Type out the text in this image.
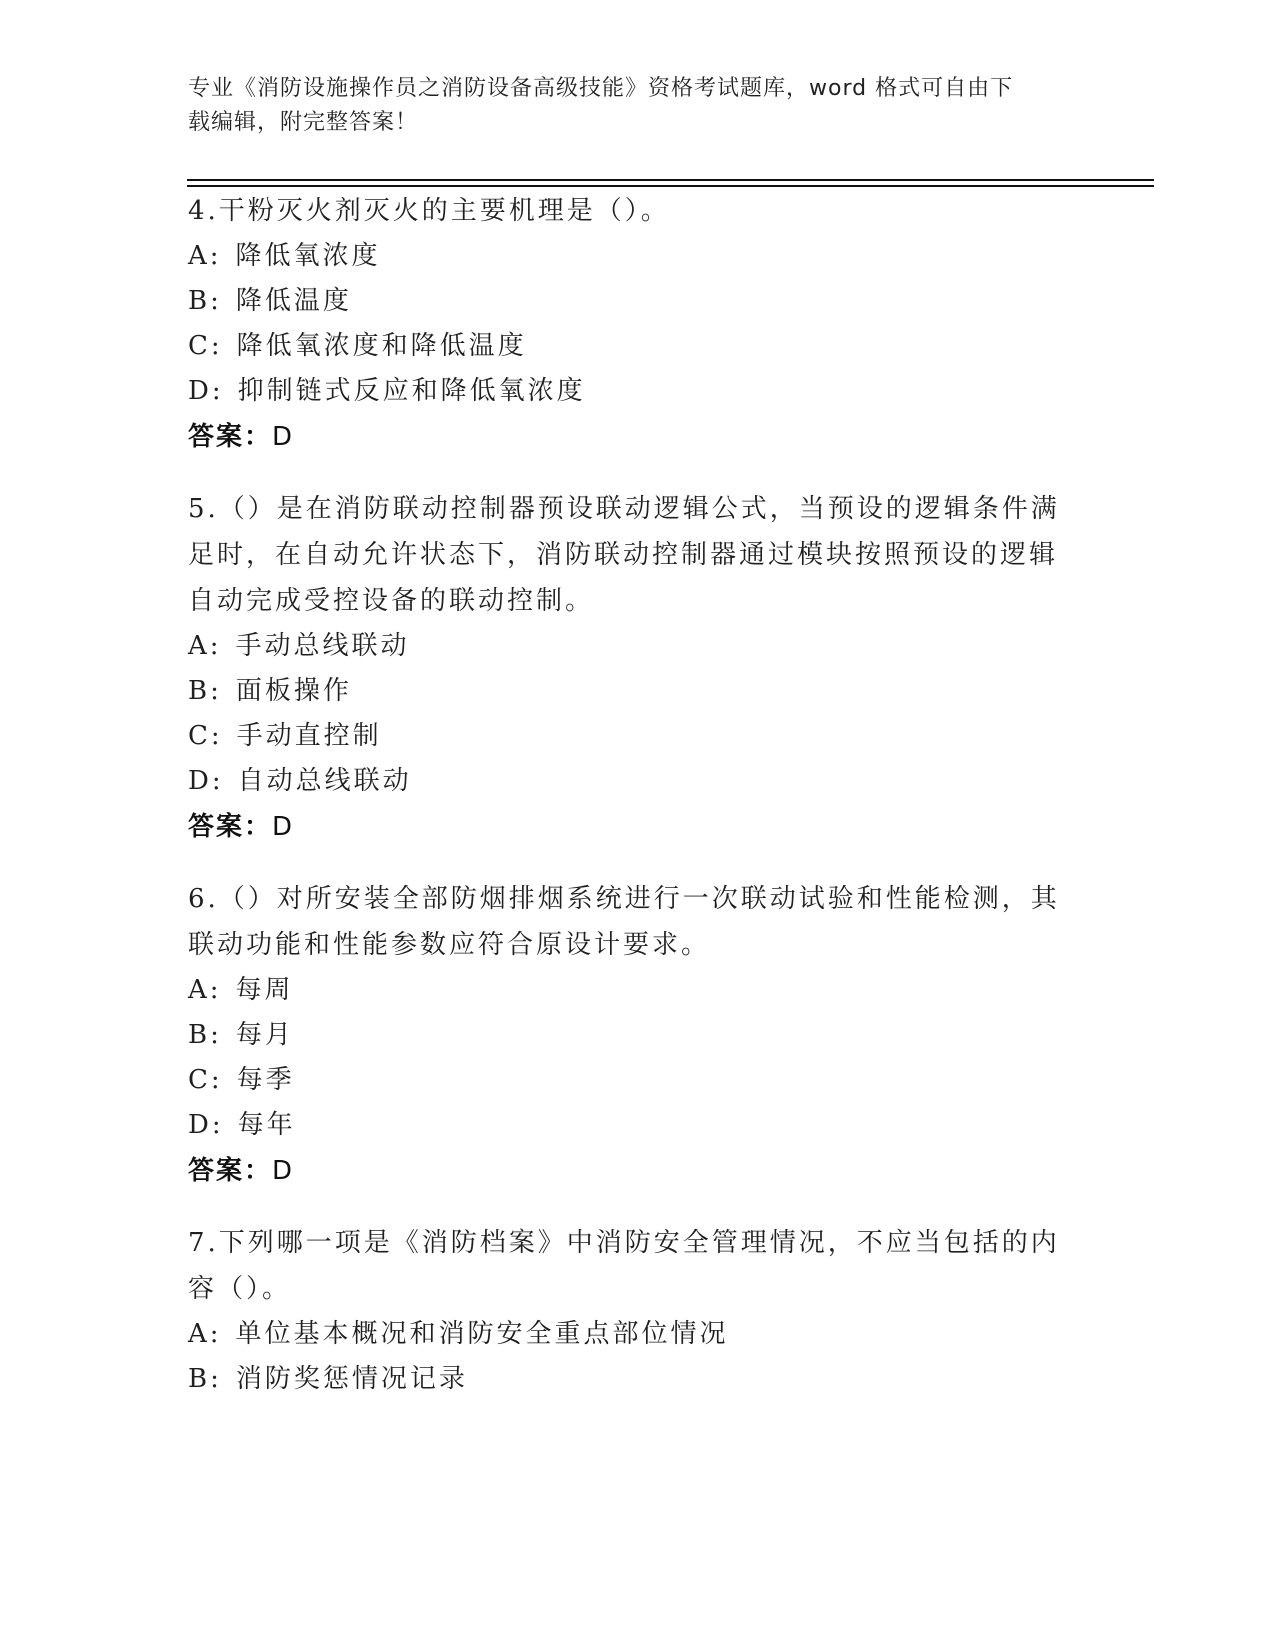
专业《消防设施操作员之消防设备高级技能》资格考试题库，word 格式可自由下
载编辑，附完整答案！
4.干粉灭火剂灭火的主要机理是（）。
A: 降低氧浓度
B: 降低温度
C: 降低氧浓度和降低温度
D: 抑制链式反应和降低氧浓度
答案：D
5.（）是在消防联动控制器预设联动逻辑公式，当预设的逻辑条件满足时，在自动允许状态下，消防联动控制器通过模块按照预设的逻辑自动完成受控设备的联动控制。
A: 手动总线联动
B: 面板操作
C: 手动直控制
D: 自动总线联动
答案：D
6.（）对所安装全部防烟排烟系统进行一次联动试验和性能检测，其联动功能和性能参数应符合原设计要求。
A: 每周
B: 每月
C: 每季
D: 每年
答案：D
7.下列哪一项是《消防档案》中消防安全管理情况，不应当包括的内容（）。
A: 单位基本概况和消防安全重点部位情况
B: 消防奖惩情况记录
